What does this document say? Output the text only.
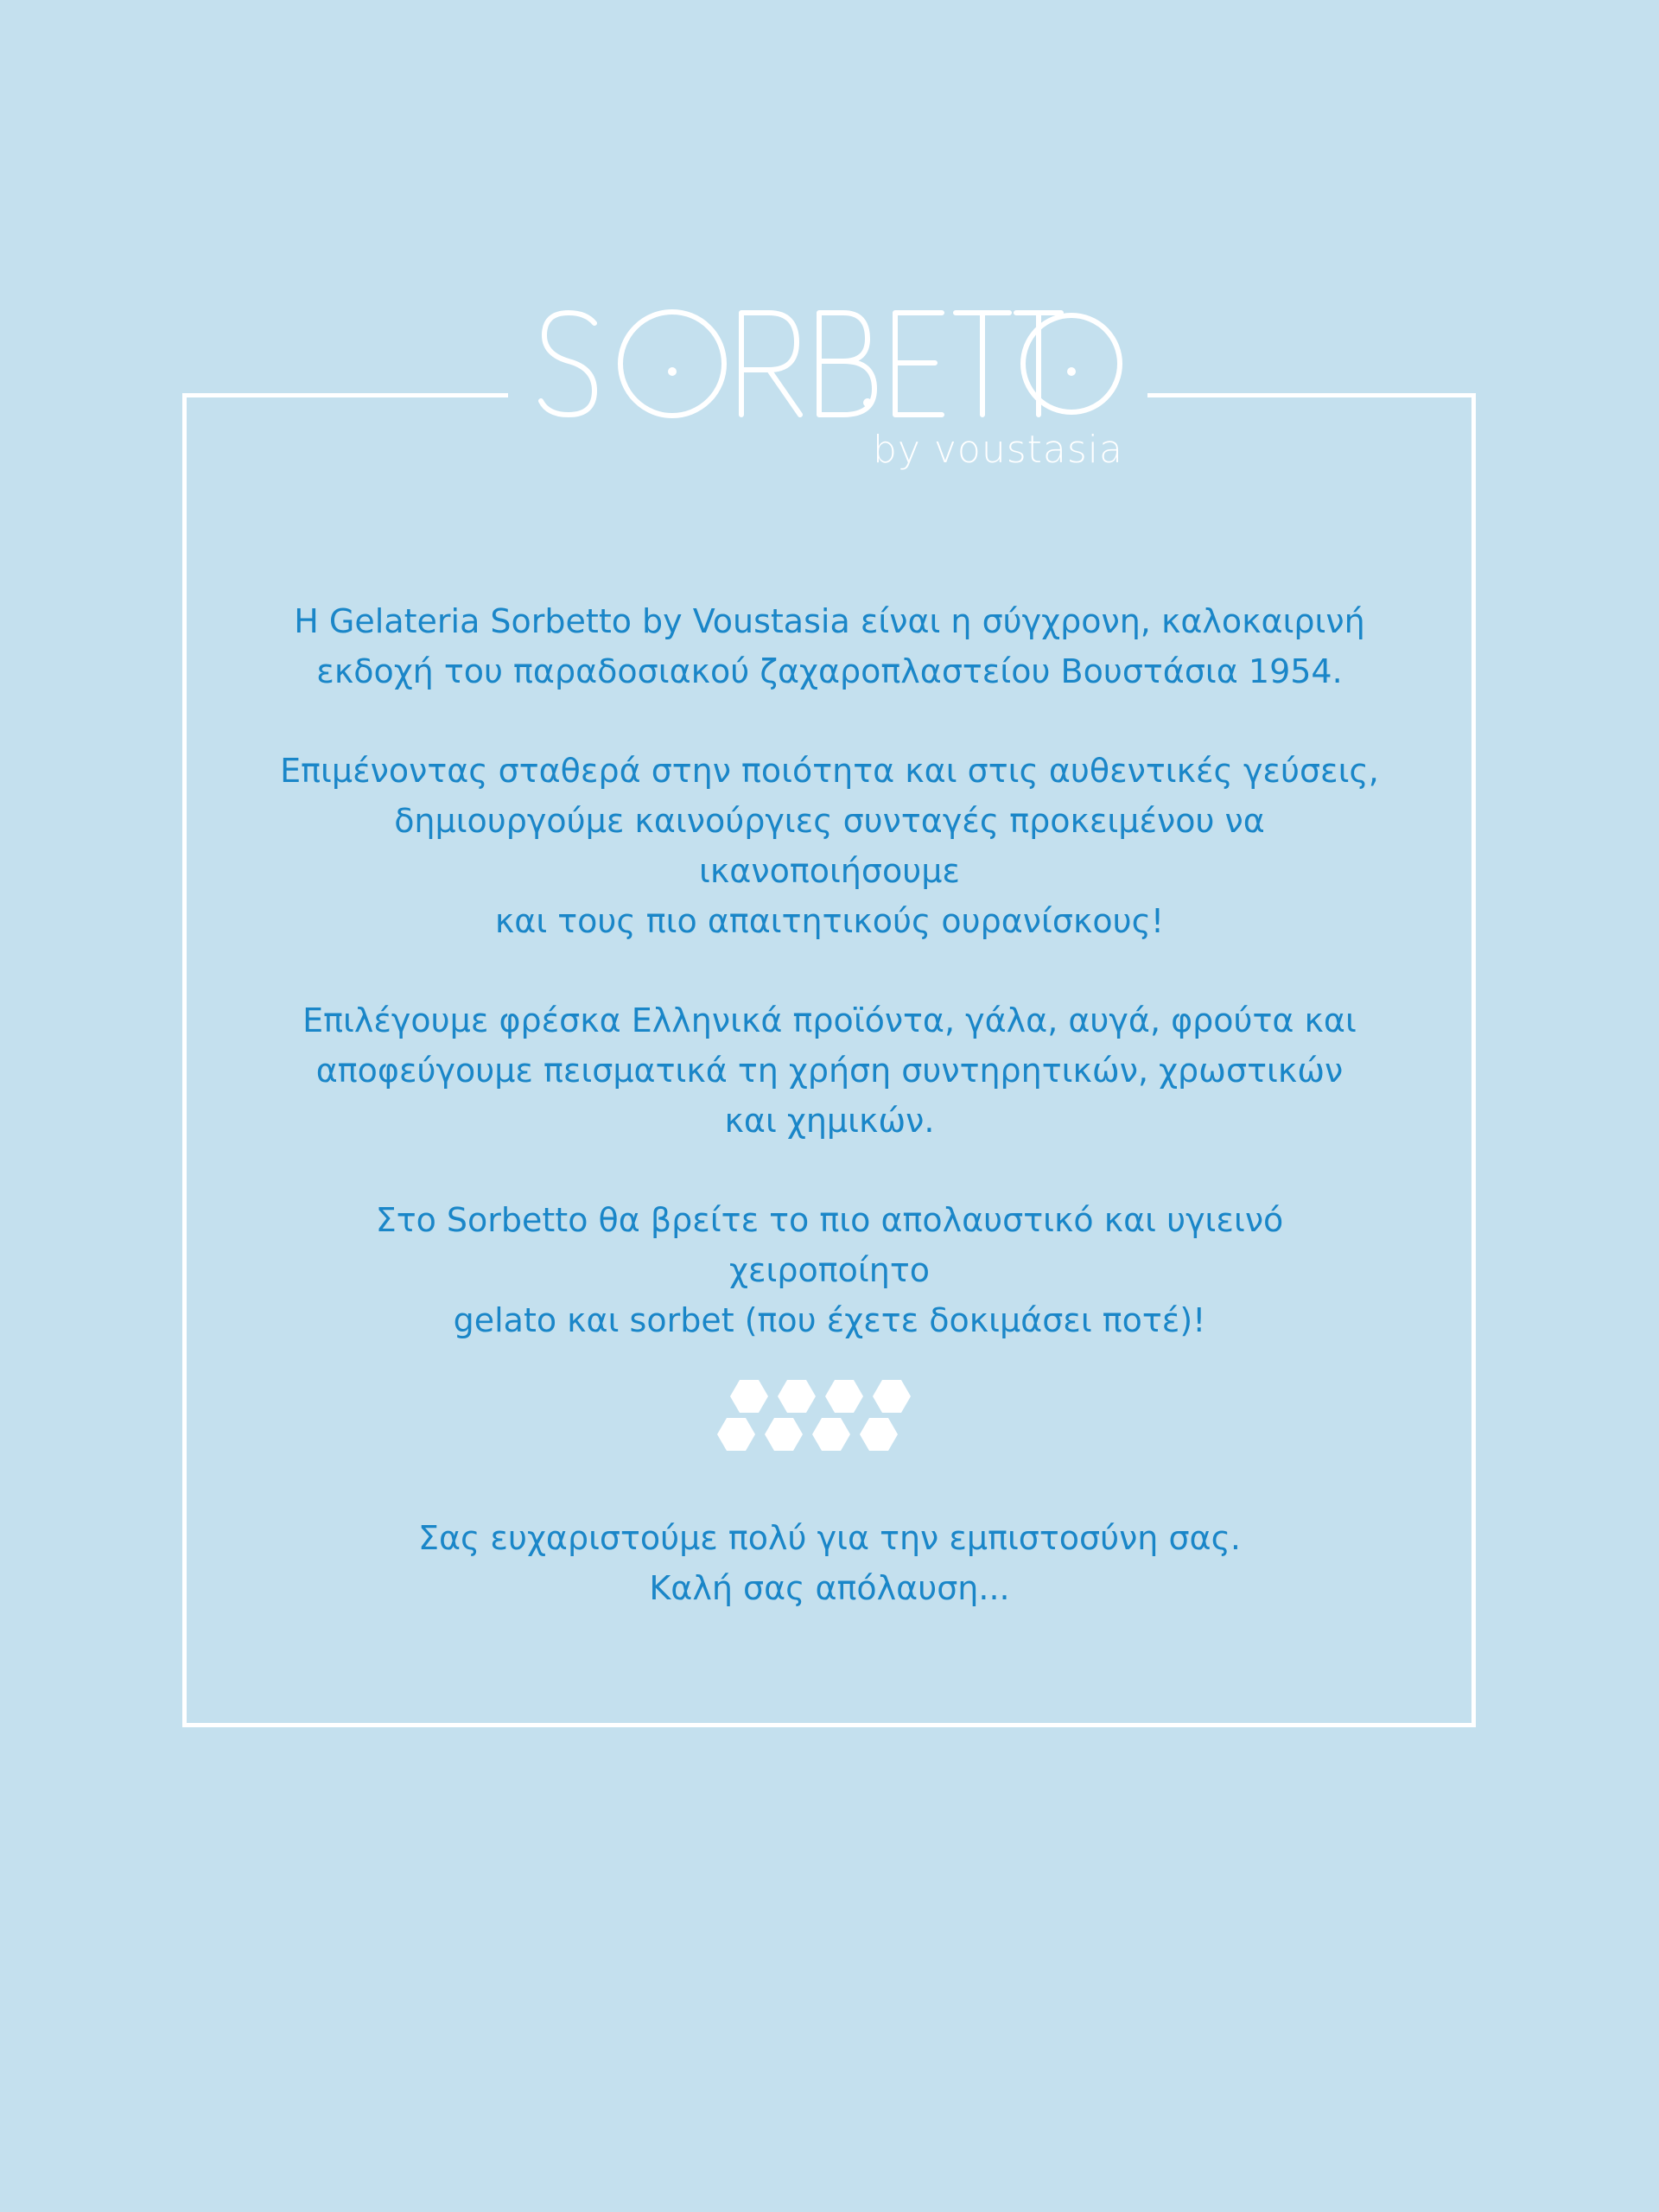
by voustasia

Η Gelateria Sorbetto by Voustasia είναι η σύγχρονη, καλοκαιρινή
εκδοχή του παραδοσιακού ζαχαροπλαστείου Βουστάσια 1954.

Επιμένοντας σταθερά στην ποιότητα και στις αυθεντικές γεύσεις,
δημιουργούμε καινούργιες συνταγές προκειμένου να
ικανοποιήσουμε
και τους πιο απαιτητικούς ουρανίσκους!

Επιλέγουμε φρέσκα Ελληνικά προϊόντα, γάλα, αυγά, φρούτα και
αποφεύγουμε πεισματικά τη χρήση συντηρητικών, χρωστικών
και χημικών.

Στο Sorbetto θα βρείτε το πιο απολαυστικό και υγιεινό
χειροποίητο
gelato και sorbet (που έχετε δοκιμάσει ποτέ)!

Σας ευχαριστούμε πολύ για την εμπιστοσύνη σας.
Καλή σας απόλαυση...
